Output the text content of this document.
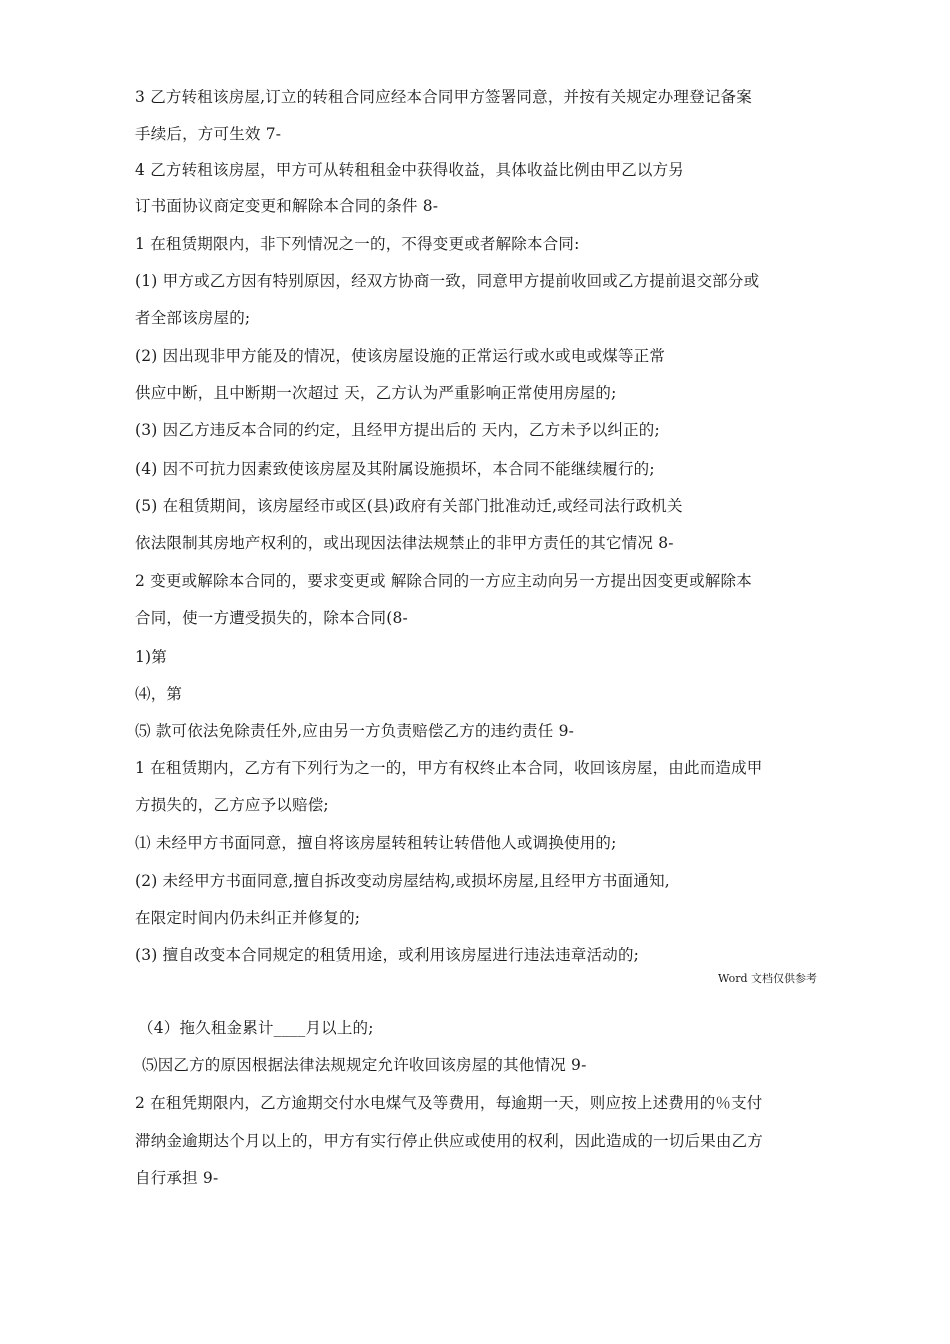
3 乙方转租该房屋,订立的转租合同应经本合同甲方签署同意，并按有关规定办理登记备案
手续后，方可生效 7-
4 乙方转租该房屋，甲方可从转租租金中获得收益，具体收益比例由甲乙以方另
订书面协议商定变更和解除本合同的条件 8-
1 在租赁期限内，非下列情况之一的，不得变更或者解除本合同:
(1) 甲方或乙方因有特别原因，经双方协商一致，同意甲方提前收回或乙方提前退交部分或
者全部该房屋的;
(2) 因出现非甲方能及的情况，使该房屋设施的正常运行或水或电或煤等正常
供应中断，且中断期一次超过 天，乙方认为严重影响正常使用房屋的;
(3) 因乙方违反本合同的约定，且经甲方提出后的 天内，乙方未予以纠正的;
(4) 因不可抗力因素致使该房屋及其附属设施损坏，本合同不能继续履行的;
(5) 在租赁期间，该房屋经市或区(县)政府有关部门批准动迁,或经司法行政机关
依法限制其房地产权利的，或出现因法律法规禁止的非甲方责任的其它情况 8-
2 变更或解除本合同的，要求变更或 解除合同的一方应主动向另一方提出因变更或解除本
合同，使一方遭受损失的，除本合同(8-
1)第
⑷，第
⑸ 款可依法免除责任外,应由另一方负责赔偿乙方的违约责任 9-
1 在租赁期内，乙方有下列行为之一的，甲方有权终止本合同，收回该房屋，由此而造成甲
方损失的，乙方应予以赔偿;
⑴ 未经甲方书面同意，擅自将该房屋转租转让转借他人或调换使用的;
(2) 未经甲方书面同意,擅自拆改变动房屋结构,或损坏房屋,且经甲方书面通知,
在限定时间内仍未纠正并修复的;
(3) 擅自改变本合同规定的租赁用途，或利用该房屋进行违法违章活动的;
Word 文档仅供参考
（4）拖久租金累计____月以上的;
⑸因乙方的原因根据法律法规规定允许收回该房屋的其他情况 9-
2 在租凭期限内，乙方逾期交付水电煤气及等费用，每逾期一天，则应按上述费用的％支付
滞纳金逾期达个月以上的，甲方有实行停止供应或使用的权利，因此造成的一切后果由乙方
自行承担 9-
